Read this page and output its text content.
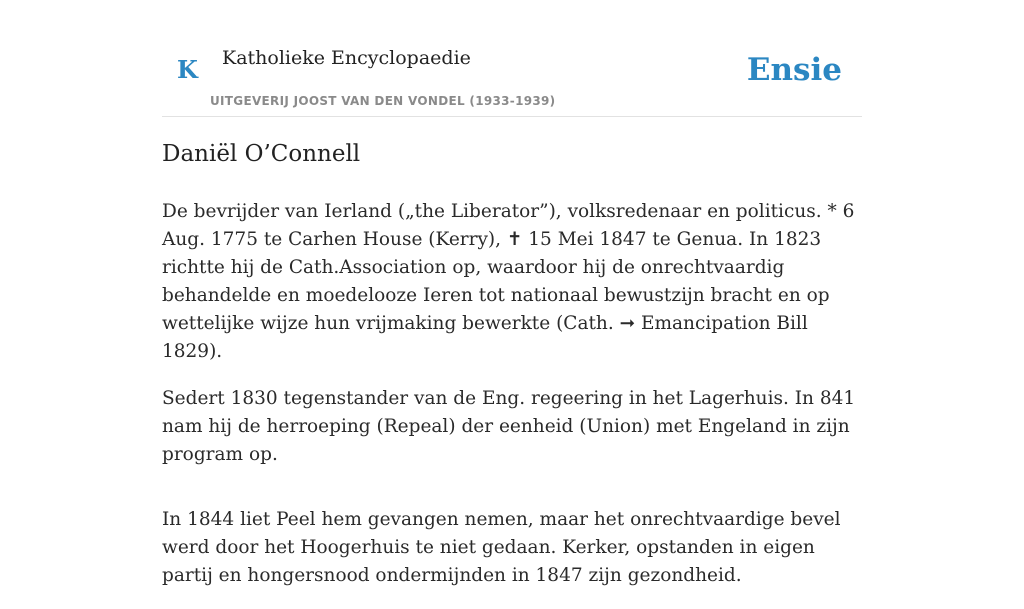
K Katholieke Encyclopaedie
UITGEVERIJ JOOST VAN DEN VONDEL (1933-1939)
Ensie
Daniël O’Connell

De bevrijder van Ierland („the Liberator”), volksredenaar en politicus. * 6 Aug. 1775 te Carhen House (Kerry), ✝ 15 Mei 1847 te Genua. In 1823 richtte hij de Cath.Association op, waardoor hij de onrechtvaardig behandelde en moedelooze Ieren tot nationaal bewustzijn bracht en op wettelijke wijze hun vrijmaking bewerkte (Cath. ➞ Emancipation Bill 1829).

Sedert 1830 tegenstander van de Eng. regeering in het Lagerhuis. In 841 nam hij de herroeping (Repeal) der eenheid (Union) met Engeland in zijn program op.

In 1844 liet Peel hem gevangen nemen, maar het onrechtvaardige bevel werd door het Hoogerhuis te niet gedaan. Kerker, opstanden in eigen partij en hongersnood ondermijnden in 1847 zijn gezondheid.
